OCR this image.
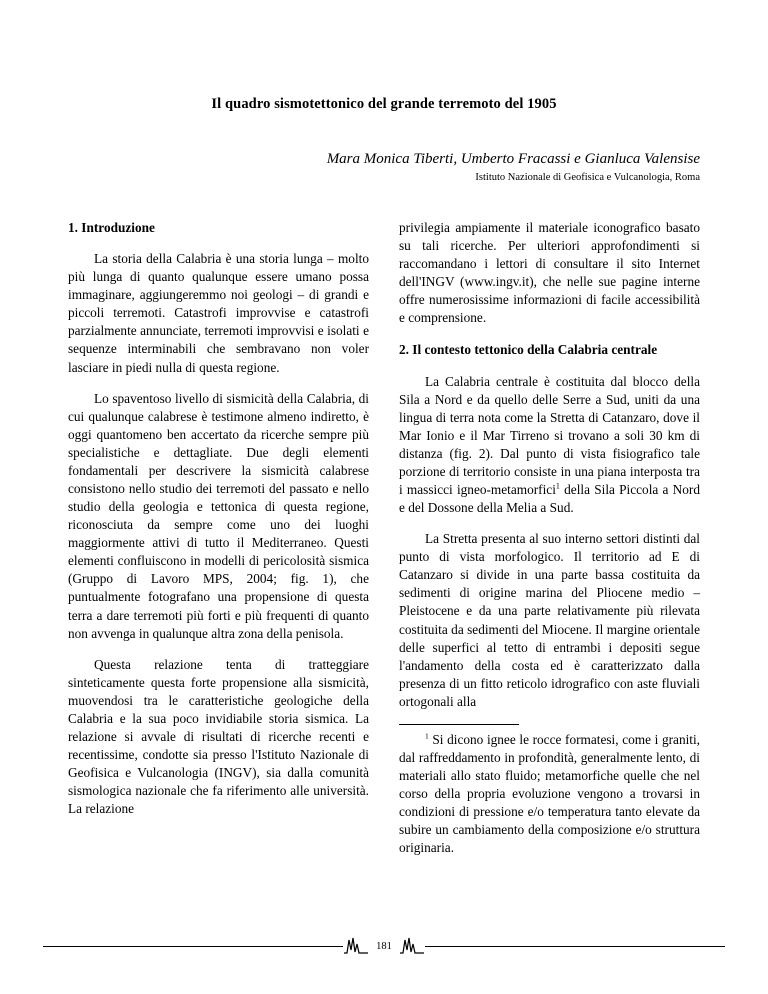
Il quadro sismotettonico del grande terremoto del 1905
Mara Monica Tiberti, Umberto Fracassi e Gianluca Valensise
Istituto Nazionale di Geofisica e Vulcanologia, Roma
1. Introduzione

La storia della Calabria è una storia lunga – molto più lunga di quanto qualunque essere umano possa immaginare, aggiungeremmo noi geologi – di grandi e piccoli terremoti. Catastrofi improvvise e catastrofi parzialmente annunciate, terremoti improvvisi e isolati e sequenze interminabili che sembravano non voler lasciare in piedi nulla di questa regione.

Lo spaventoso livello di sismicità della Calabria, di cui qualunque calabrese è testimone almeno indiretto, è oggi quantomeno ben accertato da ricerche sempre più specialistiche e dettagliate. Due degli elementi fondamentali per descrivere la sismicità calabrese consistono nello studio dei terremoti del passato e nello studio della geologia e tettonica di questa regione, riconosciuta da sempre come uno dei luoghi maggiormente attivi di tutto il Mediterraneo. Questi elementi confluiscono in modelli di pericolosità sismica (Gruppo di Lavoro MPS, 2004; fig. 1), che puntualmente fotografano una propensione di questa terra a dare terremoti più forti e più frequenti di quanto non avvenga in qualunque altra zona della penisola.

Questa relazione tenta di tratteggiare sinteticamente questa forte propensione alla sismicità, muovendosi tra le caratteristiche geologiche della Calabria e la sua poco invidiabile storia sismica. La relazione si avvale di risultati di ricerche recenti e recentissime, condotte sia presso l'Istituto Nazionale di Geofisica e Vulcanologia (INGV), sia dalla comunità sismologica nazionale che fa riferimento alle università. La relazione

privilegia ampiamente il materiale iconografico basato su tali ricerche. Per ulteriori approfondimenti si raccomandano i lettori di consultare il sito Internet dell'INGV (www.ingv.it), che nelle sue pagine interne offre numerosissime informazioni di facile accessibilità e comprensione.

2. Il contesto tettonico della Calabria centrale

La Calabria centrale è costituita dal blocco della Sila a Nord e da quello delle Serre a Sud, uniti da una lingua di terra nota come la Stretta di Catanzaro, dove il Mar Ionio e il Mar Tirreno si trovano a soli 30 km di distanza (fig. 2). Dal punto di vista fisiografico tale porzione di territorio consiste in una piana interposta tra i massicci igneo-metamorfici$^1$ della Sila Piccola a Nord e del Dossone della Melia a Sud.

La Stretta presenta al suo interno settori distinti dal punto di vista morfologico. Il territorio ad E di Catanzaro si divide in una parte bassa costituita da sedimenti di origine marina del Pliocene medio – Pleistocene e da una parte relativamente più rilevata costituita da sedimenti del Miocene. Il margine orientale delle superfici al tetto di entrambi i depositi segue l'andamento della costa ed è caratterizzato dalla presenza di un fitto reticolo idrografico con aste fluviali ortogonali alla

$^1$ Si dicono ignee le rocce formatesi, come i graniti, dal raffreddamento in profondità, generalmente lento, di materiali allo stato fluido; metamorfiche quelle che nel corso della propria evoluzione vengono a trovarsi in condizioni di pressione e/o temperatura tanto elevate da subire un cambiamento della composizione e/o struttura originaria.

181
